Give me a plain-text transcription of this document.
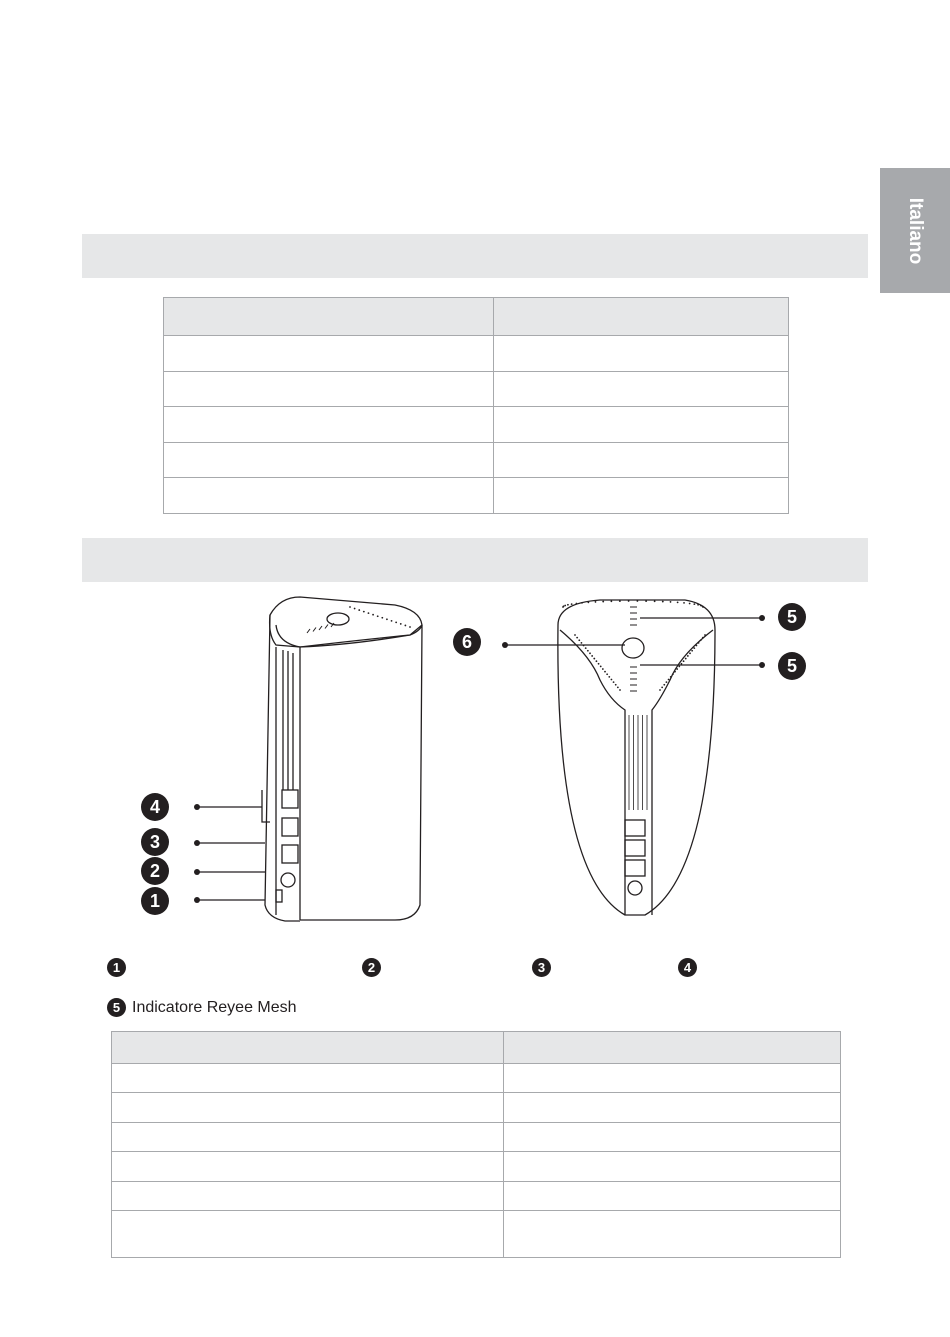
Italiano

4
3
2
1
6
5
5
1	2	3	4
5 Indicatore Reyee Mesh
